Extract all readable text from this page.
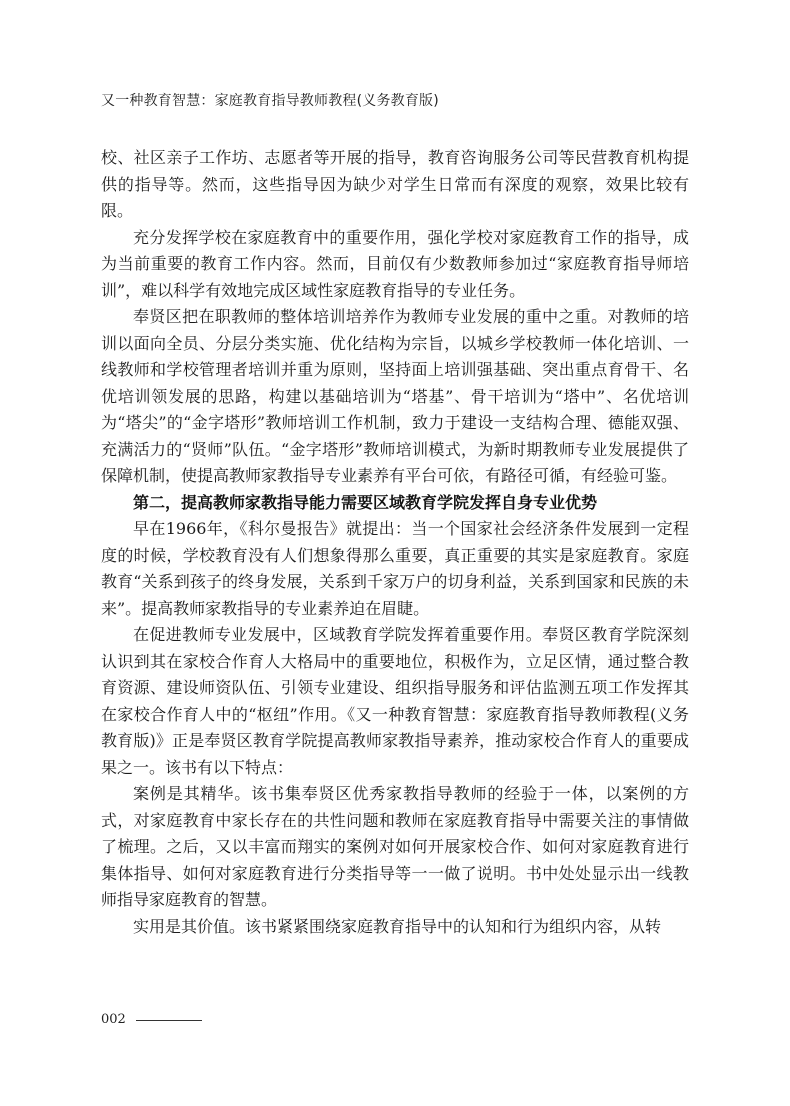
又一种教育智慧：家庭教育指导教师教程(义务教育版)

校、社区亲子工作坊、志愿者等开展的指导，教育咨询服务公司等民营教育机构提供的指导等。然而，这些指导因为缺少对学生日常而有深度的观察，效果比较有限。

充分发挥学校在家庭教育中的重要作用，强化学校对家庭教育工作的指导，成为当前重要的教育工作内容。然而，目前仅有少数教师参加过“家庭教育指导师培训”，难以科学有效地完成区域性家庭教育指导的专业任务。

奉贤区把在职教师的整体培训培养作为教师专业发展的重中之重。对教师的培训以面向全员、分层分类实施、优化结构为宗旨，以城乡学校教师一体化培训、一线教师和学校管理者培训并重为原则，坚持面上培训强基础、突出重点育骨干、名优培训领发展的思路，构建以基础培训为“塔基”、骨干培训为“塔中”、名优培训为“塔尖”的“金字塔形”教师培训工作机制，致力于建设一支结构合理、德能双强、充满活力的“贤师”队伍。“金字塔形”教师培训模式，为新时期教师专业发展提供了保障机制，使提高教师家教指导专业素养有平台可依，有路径可循，有经验可鉴。

第二，提高教师家教指导能力需要区域教育学院发挥自身专业优势

早在1966年，《科尔曼报告》就提出：当一个国家社会经济条件发展到一定程度的时候，学校教育没有人们想象得那么重要，真正重要的其实是家庭教育。家庭教育“关系到孩子的终身发展，关系到千家万户的切身利益，关系到国家和民族的未来”。提高教师家教指导的专业素养迫在眉睫。

在促进教师专业发展中，区域教育学院发挥着重要作用。奉贤区教育学院深刻认识到其在家校合作育人大格局中的重要地位，积极作为，立足区情，通过整合教育资源、建设师资队伍、引领专业建设、组织指导服务和评估监测五项工作发挥其在家校合作育人中的“枢纽”作用。《又一种教育智慧：家庭教育指导教师教程(义务教育版)》正是奉贤区教育学院提高教师家教指导素养，推动家校合作育人的重要成果之一。该书有以下特点：

案例是其精华。该书集奉贤区优秀家教指导教师的经验于一体，以案例的方式，对家庭教育中家长存在的共性问题和教师在家庭教育指导中需要关注的事情做了梳理。之后，又以丰富而翔实的案例对如何开展家校合作、如何对家庭教育进行集体指导、如何对家庭教育进行分类指导等一一做了说明。书中处处显示出一线教师指导家庭教育的智慧。

实用是其价值。该书紧紧围绕家庭教育指导中的认知和行为组织内容，从转

002
